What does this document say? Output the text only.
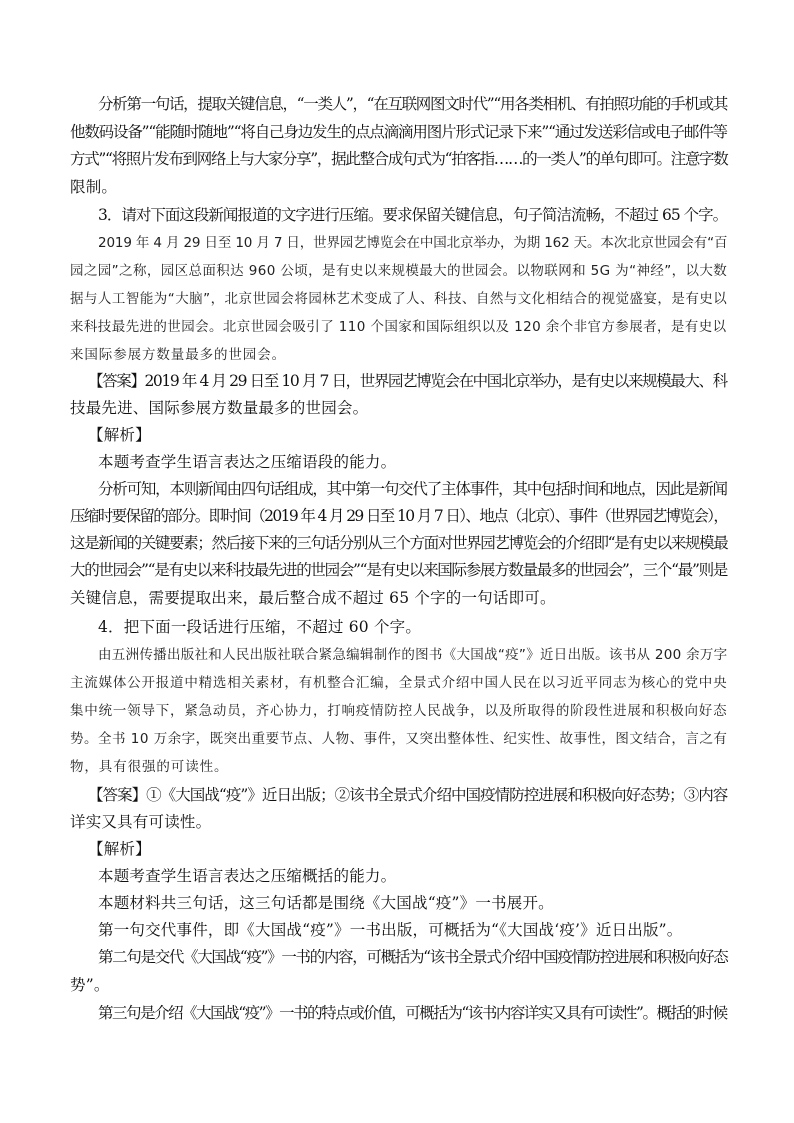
分析第一句话，提取关键信息，“一类人”，“在互联网图文时代”“用各类相机、有拍照功能的手机或其
他数码设备”“能随时随地”“将自己身边发生的点点滴滴用图片形式记录下来”“通过发送彩信或电子邮件等
方式”“将照片发布到网络上与大家分享”，据此整合成句式为“拍客指……的一类人”的单句即可。注意字数
限制。
3．请对下面这段新闻报道的文字进行压缩。要求保留关键信息，句子简洁流畅，不超过 65 个字。
2019 年 4 月 29 日至 10 月 7 日，世界园艺博览会在中国北京举办，为期 162 天。本次北京世园会有“百
园之园”之称，园区总面积达 960 公顷，是有史以来规模最大的世园会。以物联网和 5G 为“神经”，以大数
据与人工智能为“大脑”，北京世园会将园林艺术变成了人、科技、自然与文化相结合的视觉盛宴，是有史以
来科技最先进的世园会。北京世园会吸引了 110 个国家和国际组织以及 120 余个非官方参展者，是有史以
来国际参展方数量最多的世园会。
【答案】2019 年 4 月 29 日至 10 月 7 日，世界园艺博览会在中国北京举办，是有史以来规模最大、科
技最先进、国际参展方数量最多的世园会。
【解析】
本题考查学生语言表达之压缩语段的能力。
分析可知，本则新闻由四句话组成，其中第一句交代了主体事件，其中包括时间和地点，因此是新闻
压缩时要保留的部分。即时间（2019 年 4 月 29 日至 10 月 7 日）、地点（北京）、事件（世界园艺博览会），
这是新闻的关键要素；然后接下来的三句话分别从三个方面对世界园艺博览会的介绍即“是有史以来规模最
大的世园会”“是有史以来科技最先进的世园会”“是有史以来国际参展方数量最多的世园会”，三个“最”则是
关键信息，需要提取出来，最后整合成不超过 65 个字的一句话即可。
4．把下面一段话进行压缩，不超过 60 个字。
由五洲传播出版社和人民出版社联合紧急编辑制作的图书《大国战“疫”》近日出版。该书从 200 余万字
主流媒体公开报道中精选相关素材，有机整合汇编，全景式介绍中国人民在以习近平同志为核心的党中央
集中统一领导下，紧急动员，齐心协力，打响疫情防控人民战争，以及所取得的阶段性进展和积极向好态
势。全书 10 万余字，既突出重要节点、人物、事件，又突出整体性、纪实性、故事性，图文结合，言之有
物，具有很强的可读性。
【答案】①《大国战“疫”》近日出版；②该书全景式介绍中国疫情防控进展和积极向好态势；③内容
详实又具有可读性。
【解析】
本题考查学生语言表达之压缩概括的能力。
本题材料共三句话，这三句话都是围绕《大国战“疫”》一书展开。
第一句交代事件，即《大国战“疫”》一书出版，可概括为“《大国战‘疫’》近日出版”。
第二句是交代《大国战“疫”》一书的内容，可概括为“该书全景式介绍中国疫情防控进展和积极向好态
势”。
第三句是介绍《大国战“疫”》一书的特点或价值，可概括为“该书内容详实又具有可读性”。概括的时候
